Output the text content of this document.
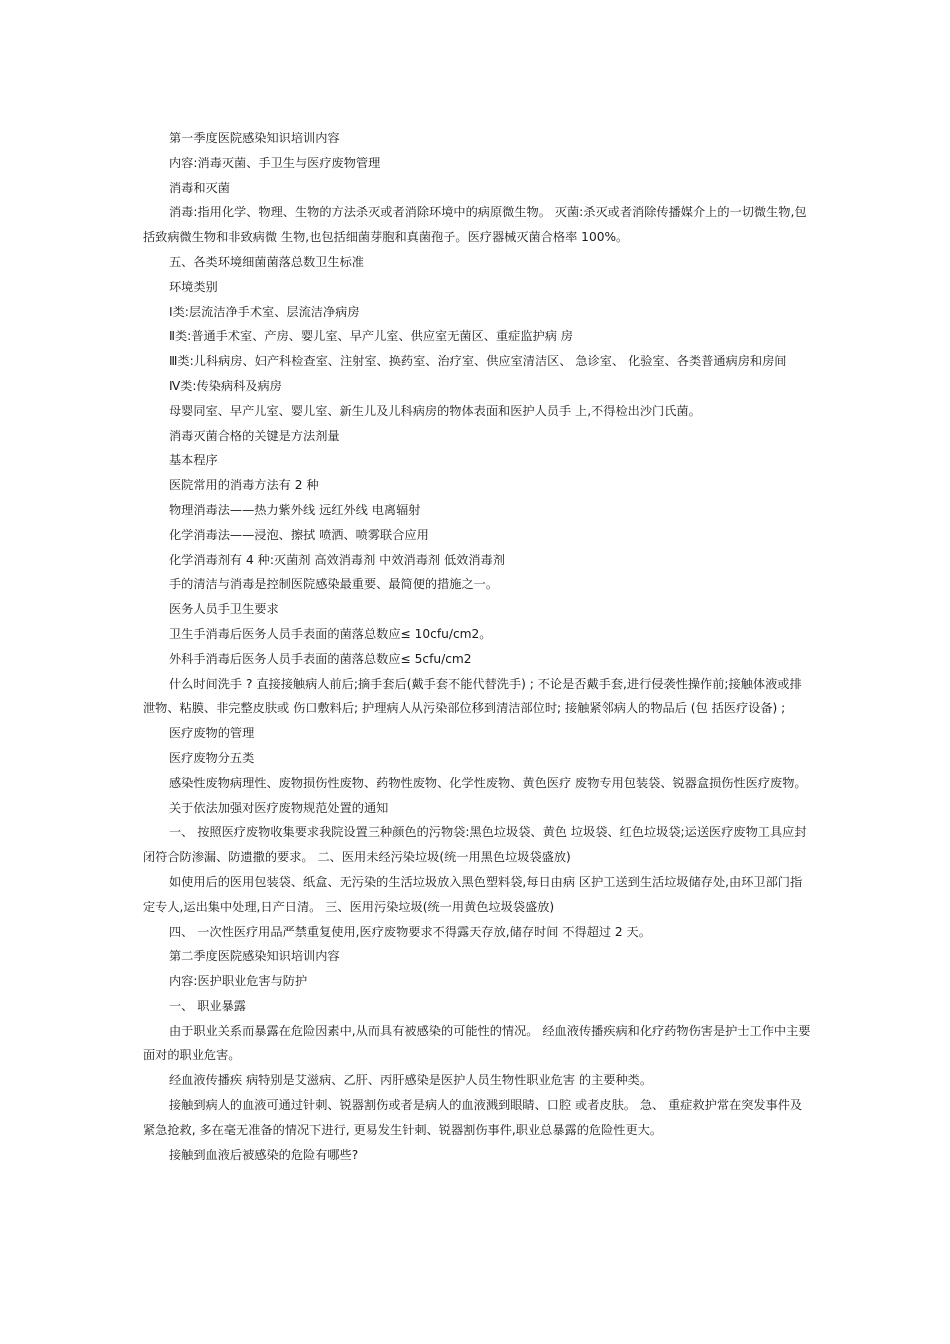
第一季度医院感染知识培训内容

内容:消毒灭菌、手卫生与医疗废物管理

消毒和灭菌

消毒:指用化学、物理、生物的方法杀灭或者消除环境中的病原微生物。 灭菌:杀灭或者消除传播媒介上的一切微生物,包括致病微生物和非致病微 生物,也包括细菌芽胞和真菌孢子。医疗器械灭菌合格率 100%。

五、各类环境细菌菌落总数卫生标准

环境类别

Ⅰ类:层流洁净手术室、层流洁净病房

Ⅱ类:普通手术室、产房、婴儿室、早产儿室、供应室无菌区、重症监护病 房

Ⅲ类:儿科病房、妇产科检查室、注射室、换药室、治疗室、供应室清洁区、 急诊室、 化验室、各类普通病房和房间

Ⅳ类:传染病科及病房

母婴同室、早产儿室、婴儿室、新生儿及儿科病房的物体表面和医护人员手 上,不得检出沙门氏菌。

消毒灭菌合格的关键是方法剂量

基本程序

医院常用的消毒方法有 2 种

物理消毒法——热力紫外线 远红外线 电离辐射

化学消毒法——浸泡、擦拭 喷洒、喷雾联合应用

化学消毒剂有 4 种:灭菌剂 高效消毒剂 中效消毒剂 低效消毒剂

手的清洁与消毒是控制医院感染最重要、最简便的措施之一。

医务人员手卫生要求

卫生手消毒后医务人员手表面的菌落总数应≤ 10cfu/cm2。

外科手消毒后医务人员手表面的菌落总数应≤ 5cfu/cm2

什么时间洗手 ? 直接接触病人前后;摘手套后(戴手套不能代替洗手) ; 不论是否戴手套,进行侵袭性操作前;接触体液或排泄物、粘膜、非完整皮肤或 伤口敷料后; 护理病人从污染部位移到清洁部位时; 接触紧邻病人的物品后 (包 括医疗设备) ;

医疗废物的管理

医疗废物分五类

感染性废物病理性、废物损伤性废物、药物性废物、化学性废物、黄色医疗 废物专用包装袋、锐器盒损伤性医疗废物。

关于依法加强对医疗废物规范处置的通知

一、 按照医疗废物收集要求我院设置三种颜色的污物袋:黑色垃圾袋、黄色 垃圾袋、红色垃圾袋;运送医疗废物工具应封闭符合防渗漏、防遗撒的要求。 二、医用未经污染垃圾(统一用黑色垃圾袋盛放)

如使用后的医用包装袋、纸盒、无污染的生活垃圾放入黑色塑料袋,每日由病 区护工送到生活垃圾储存处,由环卫部门指定专人,运出集中处理,日产日清。 三、医用污染垃圾(统一用黄色垃圾袋盛放)

四、 一次性医疗用品严禁重复使用,医疗废物要求不得露天存放,储存时间 不得超过 2 天。

第二季度医院感染知识培训内容

内容:医护职业危害与防护

一、 职业暴露

由于职业关系而暴露在危险因素中,从而具有被感染的可能性的情况。 经血液传播疾病和化疗药物伤害是护士工作中主要面对的职业危害。

经血液传播疾 病特别是艾滋病、乙肝、丙肝感染是医护人员生物性职业危害 的主要种类。

接触到病人的血液可通过针刺、锐器割伤或者是病人的血液溅到眼睛、口腔 或者皮肤。 急、 重症救护常在突发事件及紧急抢救, 多在毫无准备的情况下进行, 更易发生针刺、锐器割伤事件,职业总暴露的危险性更大。

接触到血液后被感染的危险有哪些?
